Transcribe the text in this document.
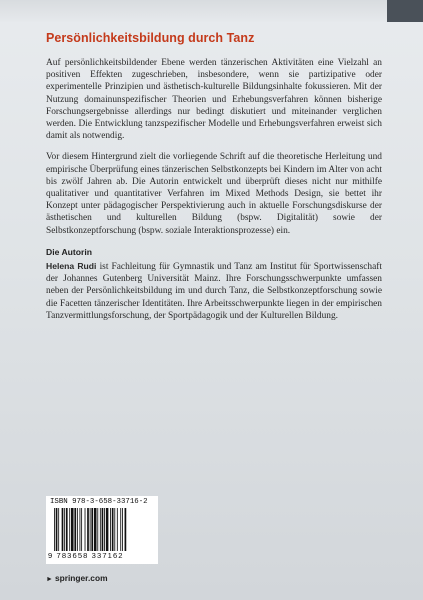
Persönlichkeitsbildung durch Tanz

Auf persönlichkeitsbildender Ebene werden tänzerischen Aktivitäten eine Vielzahl an positiven Effekten zugeschrieben, insbesondere, wenn sie partizipative oder experimentelle Prinzipien und ästhetisch-kulturelle Bildungsinhalte fokussieren. Mit der Nutzung domainunspezifischer Theorien und Erhebungsverfahren können bisherige Forschungsergebnisse allerdings nur bedingt diskutiert und miteinander verglichen werden. Die Entwicklung tanzspezifischer Modelle und Erhebungsverfahren erweist sich damit als notwendig.

Vor diesem Hintergrund zielt die vorliegende Schrift auf die theoretische Herleitung und empirische Überprüfung eines tänzerischen Selbstkonzepts bei Kindern im Alter von acht bis zwölf Jahren ab. Die Autorin entwickelt und überprüft dieses nicht nur mithilfe qualitativer und quantitativer Verfahren im Mixed Methods Design, sie bettet ihr Konzept unter pädagogischer Perspektivierung auch in aktuelle Forschungsdiskurse der ästhetischen und kulturellen Bildung (bspw. Digitalität) sowie der Selbstkonzeptforschung (bspw. soziale Interaktionsprozesse) ein.

Die Autorin

Helena Rudi ist Fachleitung für Gymnastik und Tanz am Institut für Sportwissenschaft der Johannes Gutenberg Universität Mainz. Ihre Forschungsschwerpunkte umfassen neben der Persönlichkeitsbildung im und durch Tanz, die Selbstkonzeptforschung sowie die Facetten tänzerischer Identitäten. Ihre Arbeitsschwerpunkte liegen in der empirischen Tanzvermittlungsforschung, der Sportpädagogik und der Kulturellen Bildung.

ISBN 978-3-658-33716-2
9 783658 337162
► springer.com
